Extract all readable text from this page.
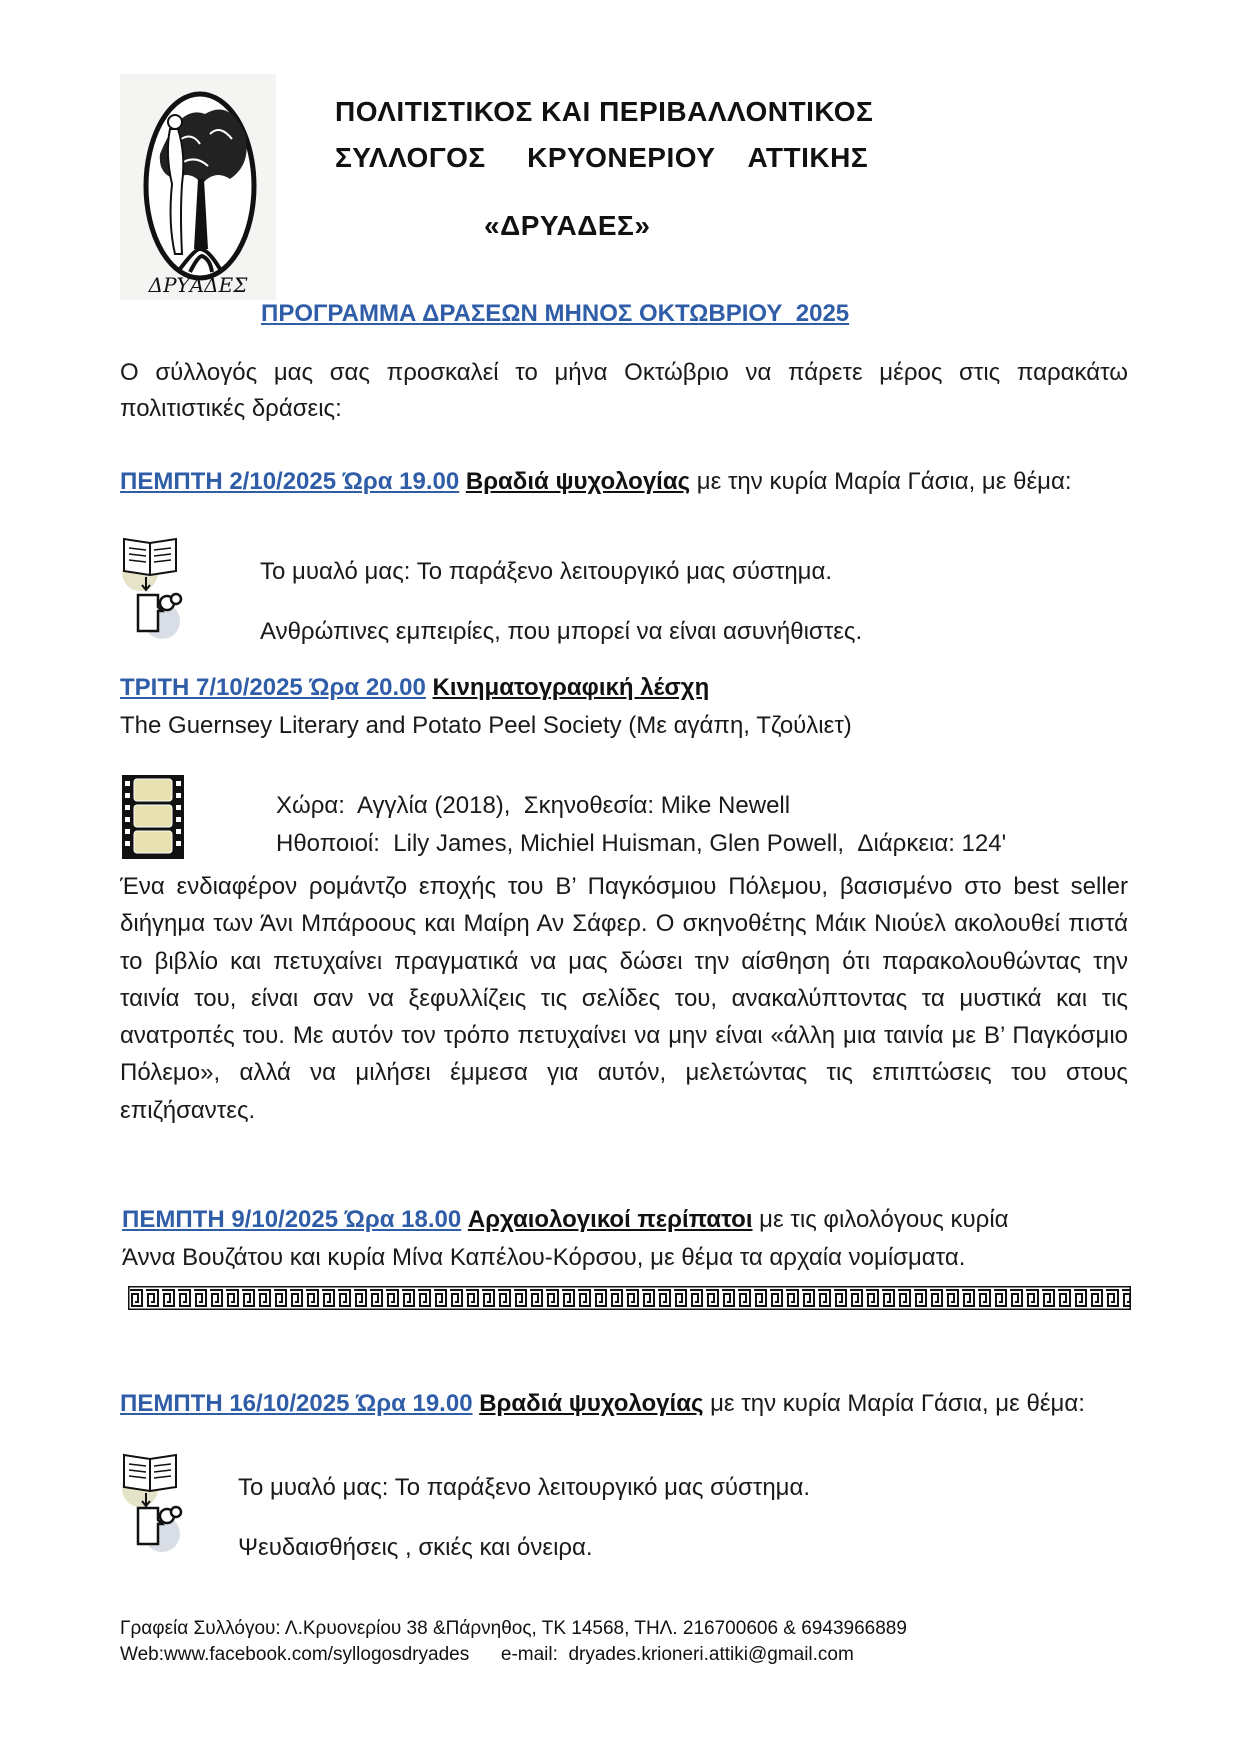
ΔΡΥΑΔΕΣ
ΠΟΛΙΤΙΣΤΙΚΟΣ ΚΑΙ ΠΕΡΙΒΑΛΛΟΝΤΙΚΟΣ
ΣΥΛΛΟΓΟΣ     ΚΡΥΟΝΕΡΙΟΥ    ΑΤΤΙΚΗΣ
«ΔΡΥΑΔΕΣ»
ΠΡΟΓΡΑΜΜΑ ΔΡΑΣΕΩΝ ΜΗΝΟΣ ΟΚΤΩΒΡΙΟΥ  2025
Ο σύλλογός μας σας προσκαλεί το μήνα Οκτώβριο να πάρετε μέρος στις παρακάτω πολιτιστικές δράσεις:
ΠΕΜΠΤΗ 2/10/2025 Ώρα 19.00 Βραδιά ψυχολογίας με την κυρία Μαρία Γάσια, με θέμα:
Το μυαλό μας: Το παράξενο λειτουργικό μας σύστημα.
Ανθρώπινες εμπειρίες, που μπορεί να είναι ασυνήθιστες.
ΤΡΙΤΗ 7/10/2025 Ώρα 20.00 Κινηματογραφική λέσχη
The Guernsey Literary and Potato Peel Society (Με αγάπη, Τζούλιετ)
Χώρα:  Αγγλία (2018),  Σκηνοθεσία: Mike Newell
Ηθοποιοί:  Lily James, Michiel Huisman, Glen Powell,  Διάρκεια: 124'
Ένα ενδιαφέρον ρομάντζο εποχής του Β’ Παγκόσμιου Πόλεμου, βασισμένο στο best seller διήγημα των Άνι Μπάροους και Μαίρη Αν Σάφερ. Ο σκηνοθέτης Μάικ Νιούελ ακολουθεί πιστά το βιβλίο και πετυχαίνει πραγματικά να μας δώσει την αίσθηση ότι παρακολουθώντας την ταινία του, είναι σαν να ξεφυλλίζεις τις σελίδες του, ανακαλύπτοντας τα μυστικά και τις ανατροπές του. Με αυτόν τον τρόπο πετυχαίνει να μην είναι «άλλη μια ταινία με Β’ Παγκόσμιο Πόλεμο», αλλά να μιλήσει έμμεσα για αυτόν, μελετώντας τις επιπτώσεις του στους επιζήσαντες.
ΠΕΜΠΤΗ 9/10/2025 Ώρα 18.00 Αρχαιολογικοί περίπατοι με τις φιλολόγους κυρία
Άννα Βουζάτου και κυρία Μίνα Καπέλου-Κόρσου, με θέμα τα αρχαία νομίσματα.
ΠΕΜΠΤΗ 16/10/2025 Ώρα 19.00 Βραδιά ψυχολογίας με την κυρία Μαρία Γάσια, με θέμα:
Το μυαλό μας: Το παράξενο λειτουργικό μας σύστημα.
Ψευδαισθήσεις , σκιές και όνειρα.
Γραφεία Συλλόγου: Λ.Κρυονερίου 38 &Πάρνηθος, ΤΚ 14568, ΤΗΛ. 216700606 & 6943966889
Web:www.facebook.com/syllogosdryades      e-mail:  dryades.krioneri.attiki@gmail.com
